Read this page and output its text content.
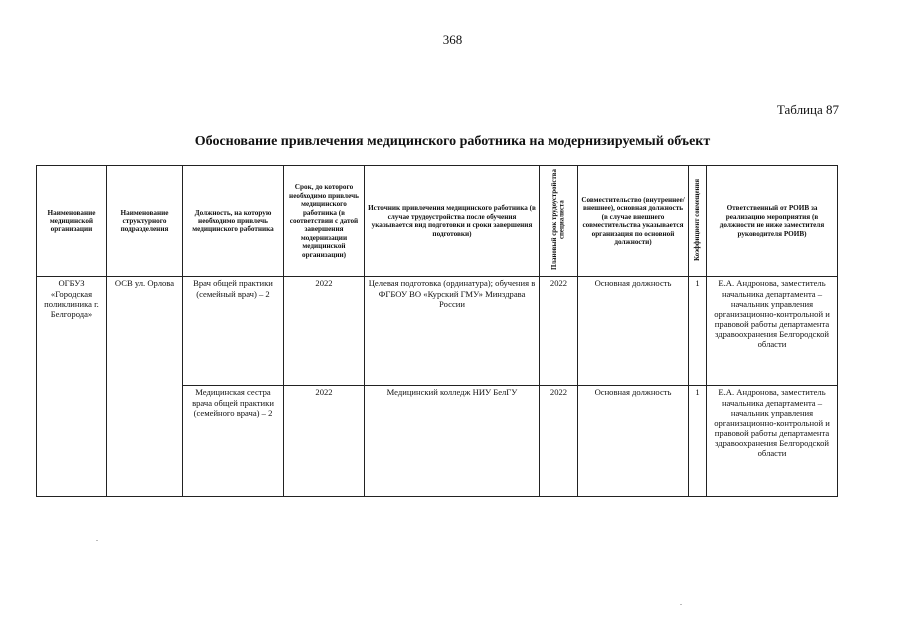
368
Таблица 87
Обоснование привлечения медицинского работника на модернизируемый объект
Наименование медицинской организации	Наименование структурного подразделения	Должность, на которую необходимо привлечь медицинского работника	Срок, до которого необходимо привлечь медицинского работника (в соответствии с датой завершения модернизации медицинской организации)	Источник привлечения медицинского работника (в случае трудоустройства после обучения указывается вид подготовки и сроки завершения подготовки)	Плановый срок трудоустройства специалиста	Совместительство (внутреннее/ внешнее), основная должность (в случае внешнего совместительства указывается организация по основной должности)	Коэффициент совмещения	Ответственный от РОИВ за реализацию мероприятия (в должности не ниже заместителя руководителя РОИВ)
ОГБУЗ «Городская поликлиника г. Белгорода»	ОСВ ул. Орлова	Врач общей практики (семейный врач) – 2	2022	Целевая подготовка (ординатура); обучения в ФГБОУ ВО «Курский ГМУ» Минздрава России	2022	Основная должность	1	Е.А. Андронова, заместитель начальника департамента – начальник управления организационно-контрольной и правовой работы департамента здравоохранения Белгородской области
		Медицинская сестра врача общей практики (семейного врача) – 2	2022	Медицинский колледж НИУ БелГУ	2022	Основная должность	1	Е.А. Андронова, заместитель начальника департамента – начальник управления организационно-контрольной и правовой работы департамента здравоохранения Белгородской области
